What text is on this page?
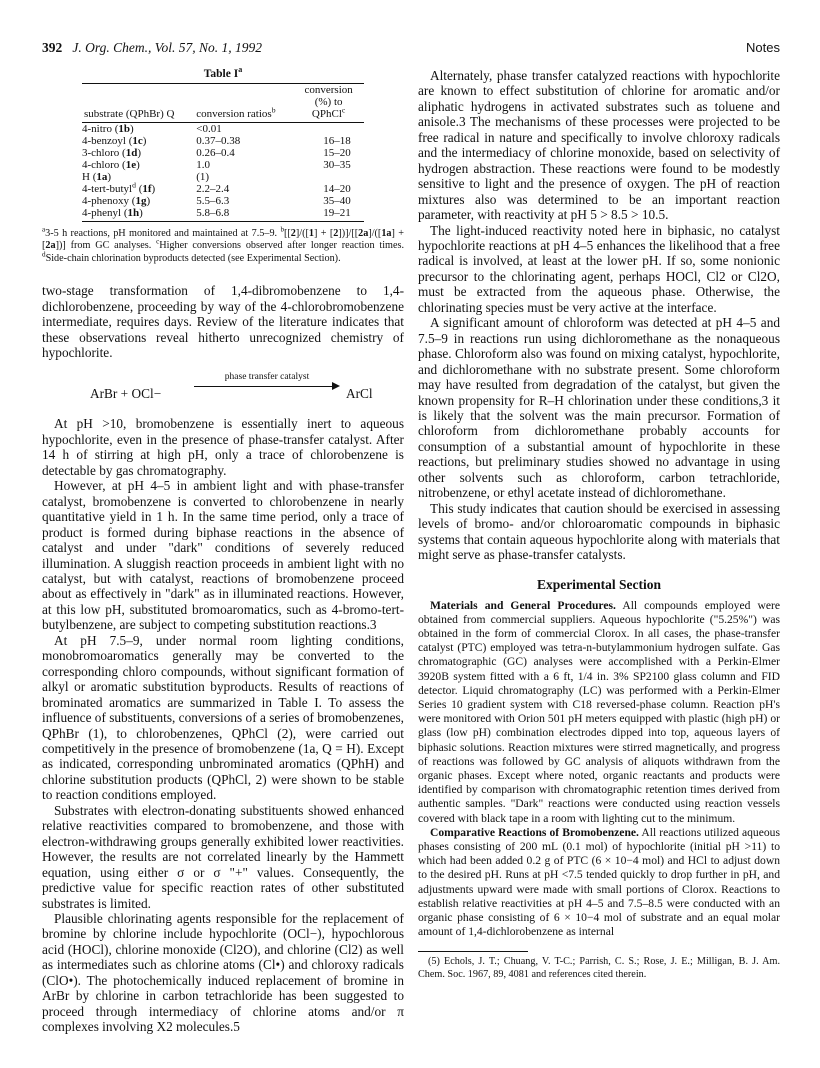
392 J. Org. Chem., Vol. 57, No. 1, 1992	Notes
Table $I^a$
		conversion
(%) to
substrate (QPhBr) Q	conversion ratios$^b$	QPhCl$^c$
4-nitro (1b)	<0.01	
4-benzoyl (1c)	0.37–0.38	16–18
3-chloro (1d)	0.26–0.4	15–20
4-chloro (1e)	1.0	30–35
H (1a)	(1)	
4-tert-butyl$^d$ (1f)	2.2–2.4	14–20
4-phenoxy (1g)	5.5–6.3	35–40
4-phenyl (1h)	5.8–6.8	19–21

$^a$3-5 h reactions, pH monitored and maintained at 7.5–9. $^b$[[2]/([1] + [2])]/[[2a]/([1a] + [2a])] from GC analyses. $^c$Higher conversions observed after longer reaction times. $^d$Side-chain chlorination byproducts detected (see Experimental Section).

two-stage transformation of 1,4-dibromobenzene to 1,4-dichlorobenzene, proceeding by way of the 4-chlorobromobenzene intermediate, requires days. Review of the literature indicates that these observations reveal hitherto unrecognized chemistry of hypochlorite.

ArBr + OCl−
phase transfer catalyst
ArCl

At pH >10, bromobenzene is essentially inert to aqueous hypochlorite, even in the presence of phase-transfer catalyst. After 14 h of stirring at high pH, only a trace of chlorobenzene is detectable by gas chromatography.

However, at pH 4–5 in ambient light and with phase-transfer catalyst, bromobenzene is converted to chlorobenzene in nearly quantitative yield in 1 h. In the same time period, only a trace of product is formed during biphase reactions in the absence of catalyst and under "dark" conditions of severely reduced illumination. A sluggish reaction proceeds in ambient light with no catalyst, but with catalyst, reactions of bromobenzene proceed about as effectively in "dark" as in illuminated reactions. However, at this low pH, substituted bromoaromatics, such as 4-bromo-tert-butylbenzene, are subject to competing substitution reactions.3

At pH 7.5–9, under normal room lighting conditions, monobromoaromatics generally may be converted to the corresponding chloro compounds, without significant formation of alkyl or aromatic substitution byproducts. Results of reactions of brominated aromatics are summarized in Table I. To assess the influence of substituents, conversions of a series of bromobenzenes, QPhBr (1), to chlorobenzenes, QPhCl (2), were carried out competitively in the presence of bromobenzene (1a, Q = H). Except as indicated, corresponding unbrominated aromatics (QPhH) and chlorine substitution products (QPhCl, 2) were shown to be stable to reaction conditions employed.

Substrates with electron-donating substituents showed enhanced relative reactivities compared to bromobenzene, and those with electron-withdrawing groups generally exhibited lower reactivities. However, the results are not correlated linearly by the Hammett equation, using either σ or σ "+" values. Consequently, the predictive value for specific reaction rates of other substituted substrates is limited.

Plausible chlorinating agents responsible for the replacement of bromine by chlorine include hypochlorite (OCl−), hypochlorous acid (HOCl), chlorine monoxide (Cl2O), and chlorine (Cl2) as well as intermediates such as chlorine atoms (Cl•) and chloroxy radicals (ClO•). The photochemically induced replacement of bromine in ArBr by chlorine in carbon tetrachloride has been suggested to proceed through intermediacy of chlorine atoms and/or π complexes involving X2 molecules.5

Alternately, phase transfer catalyzed reactions with hypochlorite are known to effect substitution of chlorine for aromatic and/or aliphatic hydrogens in activated substrates such as toluene and anisole.3 The mechanisms of these processes were projected to be free radical in nature and specifically to involve chloroxy radicals and the intermediacy of chlorine monoxide, based on selectivity of hydrogen abstraction. These reactions were found to be modestly sensitive to light and the presence of oxygen. The pH of reaction mixtures also was determined to be an important reaction parameter, with reactivity at pH 5 > 8.5 > 10.5.

The light-induced reactivity noted here in biphasic, no catalyst hypochlorite reactions at pH 4–5 enhances the likelihood that a free radical is involved, at least at the lower pH. If so, some nonionic precursor to the chlorinating agent, perhaps HOCl, Cl2 or Cl2O, must be extracted from the aqueous phase. Otherwise, the chlorinating species must be very active at the interface.

A significant amount of chloroform was detected at pH 4–5 and 7.5–9 in reactions run using dichloromethane as the nonaqueous phase. Chloroform also was found on mixing catalyst, hypochlorite, and dichloromethane with no substrate present. Some chloroform may have resulted from degradation of the catalyst, but given the known propensity for R–H chlorination under these conditions,3 it is likely that the solvent was the main precursor. Formation of chloroform from dichloromethane probably accounts for consumption of a substantial amount of hypochlorite in these reactions, but preliminary studies showed no advantage in using other solvents such as chloroform, carbon tetrachloride, nitrobenzene, or ethyl acetate instead of dichloromethane.

This study indicates that caution should be exercised in assessing levels of bromo- and/or chloroaromatic compounds in biphasic systems that contain aqueous hypochlorite along with materials that might serve as phase-transfer catalysts.

Experimental Section

Materials and General Procedures. All compounds employed were obtained from commercial suppliers. Aqueous hypochlorite ("5.25%") was obtained in the form of commercial Clorox. In all cases, the phase-transfer catalyst (PTC) employed was tetra-n-butylammonium hydrogen sulfate. Gas chromatographic (GC) analyses were accomplished with a Perkin-Elmer 3920B system fitted with a 6 ft, 1/4 in. 3% SP2100 glass column and FID detector. Liquid chromatography (LC) was performed with a Perkin-Elmer Series 10 gradient system with C18 reversed-phase column. Reaction pH's were monitored with Orion 501 pH meters equipped with plastic (high pH) or glass (low pH) combination electrodes dipped into top, aqueous layers of biphasic solutions. Reaction mixtures were stirred magnetically, and progress of reactions was followed by GC analysis of aliquots withdrawn from the organic phases. Except where noted, organic reactants and products were identified by comparison with chromatographic retention times derived from authentic samples. "Dark" reactions were conducted using reaction vessels covered with black tape in a room with lighting cut to the minimum.

Comparative Reactions of Bromobenzene. All reactions utilized aqueous phases consisting of 200 mL (0.1 mol) of hypochlorite (initial pH >11) to which had been added 0.2 g of PTC (6 × 10−4 mol) and HCl to adjust down to the desired pH. Runs at pH <7.5 tended quickly to drop further in pH, and adjustments upward were made with small portions of Clorox. Reactions to establish relative reactivities at pH 4–5 and 7.5–8.5 were conducted with an organic phase consisting of 6 × 10−4 mol of substrate and an equal molar amount of 1,4-dichlorobenzene as internal

(5) Echols, J. T.; Chuang, V. T-C.; Parrish, C. S.; Rose, J. E.; Milligan, B. J. Am. Chem. Soc. 1967, 89, 4081 and references cited therein.
